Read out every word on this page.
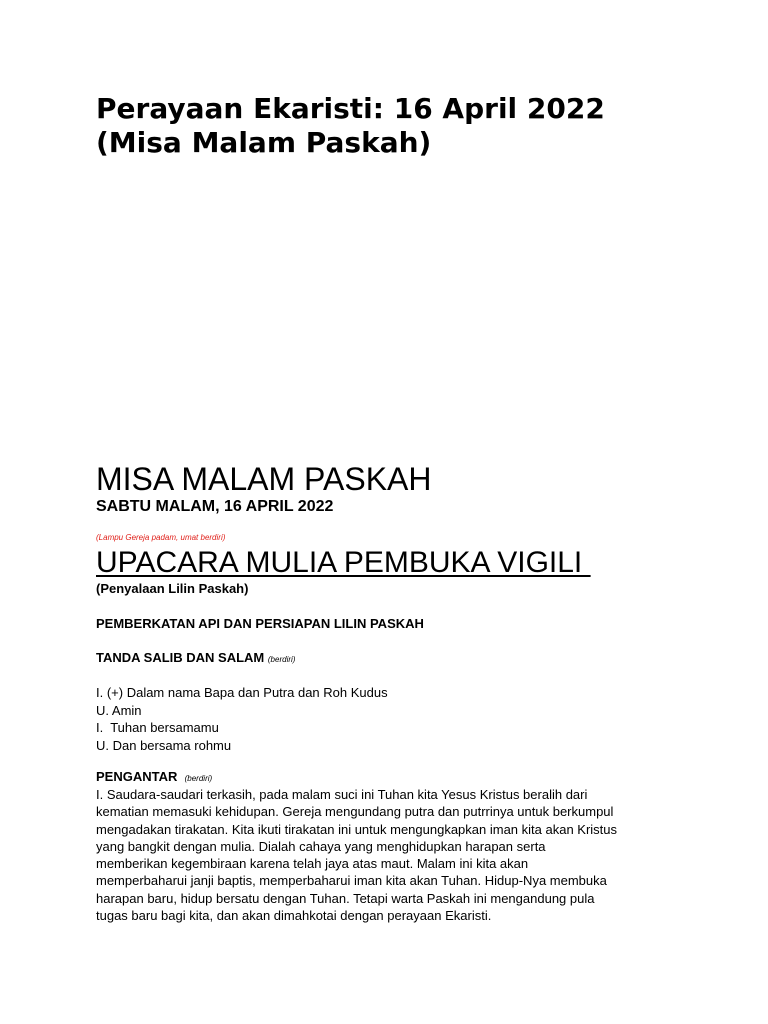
Perayaan Ekaristi: 16 April 2022
(Misa Malam Paskah)
MISA MALAM PASKAH
SABTU MALAM, 16 APRIL 2022
(Lampu Gereja padam, umat berdiri)
UPACARA MULIA PEMBUKA VIGILI
(Penyalaan Lilin Paskah)
PEMBERKATAN API DAN PERSIAPAN LILIN PASKAH
TANDA SALIB DAN SALAM (berdiri)
I. (+) Dalam nama Bapa dan Putra dan Roh Kudus
U. Amin
I.  Tuhan bersamamu
U. Dan bersama rohmu
PENGANTAR (berdiri)
I. Saudara-saudari terkasih, pada malam suci ini Tuhan kita Yesus Kristus beralih dari
kematian memasuki kehidupan. Gereja mengundang putra dan putrrinya untuk berkumpul
mengadakan tirakatan. Kita ikuti tirakatan ini untuk mengungkapkan iman kita akan Kristus
yang bangkit dengan mulia. Dialah cahaya yang menghidupkan harapan serta
memberikan kegembiraan karena telah jaya atas maut. Malam ini kita akan
memperbaharui janji baptis, memperbaharui iman kita akan Tuhan. Hidup-Nya membuka
harapan baru, hidup bersatu dengan Tuhan. Tetapi warta Paskah ini mengandung pula
tugas baru bagi kita, dan akan dimahkotai dengan perayaan Ekaristi.
